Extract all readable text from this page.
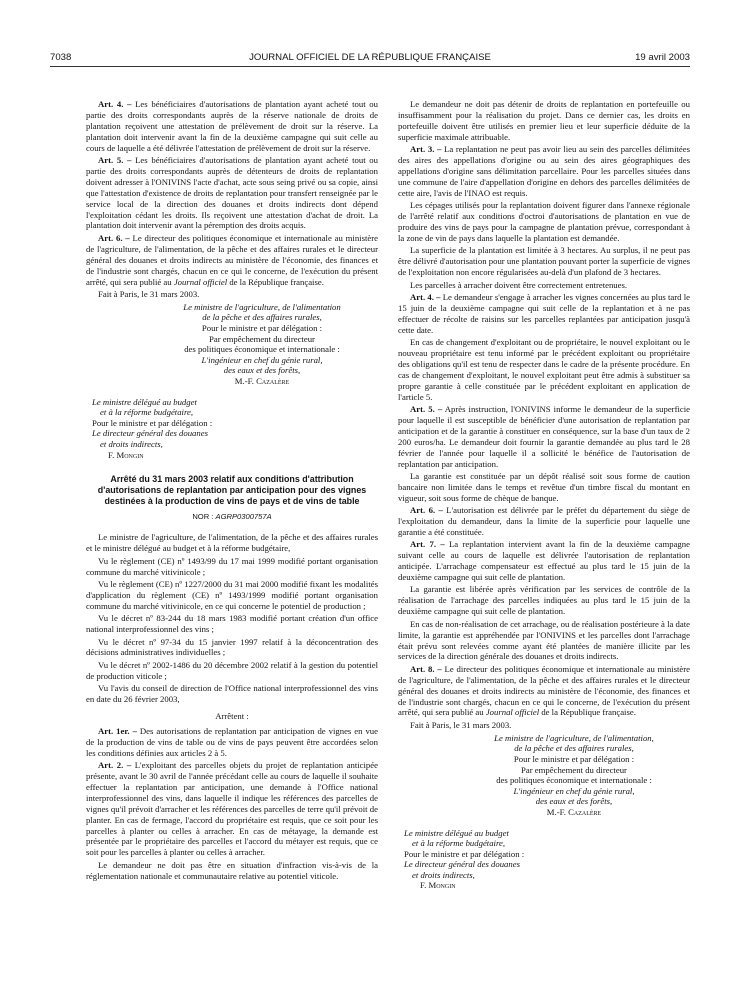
7038	JOURNAL OFFICIEL DE LA RÉPUBLIQUE FRANÇAISE	19 avril 2003

Art. 4. – Les bénéficiaires d'autorisations de plantation ayant acheté tout ou partie des droits correspondants auprès de la réserve nationale de droits de plantation reçoivent une attestation de prélèvement de droit sur la réserve. La plantation doit intervenir avant la fin de la deuxième campagne qui suit celle au cours de laquelle a été délivrée l'attestation de prélèvement de droit sur la réserve.

Art. 5. – Les bénéficiaires d'autorisations de plantation ayant acheté tout ou partie des droits correspondants auprès de détenteurs de droits de replantation doivent adresser à l'ONIVINS l'acte d'achat, acte sous seing privé ou sa copie, ainsi que l'attestation d'existence de droits de replantation pour transfert renseignée par le service local de la direction des douanes et droits indirects dont dépend l'exploitation cédant les droits. Ils reçoivent une attestation d'achat de droit. La plantation doit intervenir avant la péremption des droits acquis.

Art. 6. – Le directeur des politiques économique et internationale au ministère de l'agriculture, de l'alimentation, de la pêche et des affaires rurales et le directeur général des douanes et droits indirects au ministère de l'économie, des finances et de l'industrie sont chargés, chacun en ce qui le concerne, de l'exécution du présent arrêté, qui sera publié au Journal officiel de la République française.

Fait à Paris, le 31 mars 2003.

Le ministre de l'agriculture, de l'alimentation
de la pêche et des affaires rurales,
Pour le ministre et par délégation :
Par empêchement du directeur
des politiques économique et internationale :
L'ingénieur en chef du génie rural,
des eaux et des forêts,
M.-F. Cazalère
Le ministre délégué au budget
et à la réforme budgétaire,
Pour le ministre et par délégation :
Le directeur général des douanes
et droits indirects,
F. Mongin
Arrêté du 31 mars 2003 relatif aux conditions d'attribution d'autorisations de replantation par anticipation pour des vignes destinées à la production de vins de pays et de vins de table
NOR : AGRP0300757A

Le ministre de l'agriculture, de l'alimentation, de la pêche et des affaires rurales et le ministre délégué au budget et à la réforme budgétaire,

Vu le règlement (CE) nº 1493/99 du 17 mai 1999 modifié portant organisation commune du marché vitivinicole ;

Vu le règlement (CE) nº 1227/2000 du 31 mai 2000 modifié fixant les modalités d'application du règlement (CE) nº 1493/1999 modifié portant organisation commune du marché vitivinicole, en ce qui concerne le potentiel de production ;

Vu le décret nº 83-244 du 18 mars 1983 modifié portant création d'un office national interprofessionnel des vins ;

Vu le décret nº 97-34 du 15 janvier 1997 relatif à la déconcentration des décisions administratives individuelles ;

Vu le décret nº 2002-1486 du 20 décembre 2002 relatif à la gestion du potentiel de production viticole ;

Vu l'avis du conseil de direction de l'Office national interprofessionnel des vins en date du 26 février 2003,

Arrêtent :

Art. 1er. – Des autorisations de replantation par anticipation de vignes en vue de la production de vins de table ou de vins de pays peuvent être accordées selon les conditions définies aux articles 2 à 5.

Art. 2. – L'exploitant des parcelles objets du projet de replantation anticipée présente, avant le 30 avril de l'année précédant celle au cours de laquelle il souhaite effectuer la replantation par anticipation, une demande à l'Office national interprofessionnel des vins, dans laquelle il indique les références des parcelles de vignes qu'il prévoit d'arracher et les références des parcelles de terre qu'il prévoit de planter. En cas de fermage, l'accord du propriétaire est requis, que ce soit pour les parcelles à planter ou celles à arracher. En cas de métayage, la demande est présentée par le propriétaire des parcelles et l'accord du métayer est requis, que ce soit pour les parcelles à planter ou celles à arracher.

Le demandeur ne doit pas être en situation d'infraction vis-à-vis de la réglementation nationale et communautaire relative au potentiel viticole.

Le demandeur ne doit pas détenir de droits de replantation en portefeuille ou insuffisamment pour la réalisation du projet. Dans ce dernier cas, les droits en portefeuille doivent être utilisés en premier lieu et leur superficie déduite de la superficie maximale attribuable.

Art. 3. – La replantation ne peut pas avoir lieu au sein des parcelles délimitées des aires des appellations d'origine ou au sein des aires géographiques des appellations d'origine sans délimitation parcellaire. Pour les parcelles situées dans une commune de l'aire d'appellation d'origine en dehors des parcelles délimitées de cette aire, l'avis de l'INAO est requis.

Les cépages utilisés pour la replantation doivent figurer dans l'annexe régionale de l'arrêté relatif aux conditions d'octroi d'autorisations de plantation en vue de produire des vins de pays pour la campagne de plantation prévue, correspondant à la zone de vin de pays dans laquelle la plantation est demandée.

La superficie de la plantation est limitée à 3 hectares. Au surplus, il ne peut pas être délivré d'autorisation pour une plantation pouvant porter la superficie de vignes de l'exploitation non encore régularisées au-delà d'un plafond de 3 hectares.

Les parcelles à arracher doivent être correctement entretenues.

Art. 4. – Le demandeur s'engage à arracher les vignes concernées au plus tard le 15 juin de la deuxième campagne qui suit celle de la replantation et à ne pas effectuer de récolte de raisins sur les parcelles replantées par anticipation jusqu'à cette date.

En cas de changement d'exploitant ou de propriétaire, le nouvel exploitant ou le nouveau propriétaire est tenu informé par le précédent exploitant ou propriétaire des obligations qu'il est tenu de respecter dans le cadre de la présente procédure. En cas de changement d'exploitant, le nouvel exploitant peut être admis à substituer sa propre garantie à celle constituée par le précédent exploitant en application de l'article 5.

Art. 5. – Après instruction, l'ONIVINS informe le demandeur de la superficie pour laquelle il est susceptible de bénéficier d'une autorisation de replantation par anticipation et de la garantie à constituer en conséquence, sur la base d'un taux de 2 200 euros/ha. Le demandeur doit fournir la garantie demandée au plus tard le 28 février de l'année pour laquelle il a sollicité le bénéfice de l'autorisation de replantation par anticipation.

La garantie est constituée par un dépôt réalisé soit sous forme de caution bancaire non limitée dans le temps et revêtue d'un timbre fiscal du montant en vigueur, soit sous forme de chèque de banque.

Art. 6. – L'autorisation est délivrée par le préfet du département du siège de l'exploitation du demandeur, dans la limite de la superficie pour laquelle une garantie a été constituée.

Art. 7. – La replantation intervient avant la fin de la deuxième campagne suivant celle au cours de laquelle est délivrée l'autorisation de replantation anticipée. L'arrachage compensateur est effectué au plus tard le 15 juin de la deuxième campagne qui suit celle de plantation.

La garantie est libérée après vérification par les services de contrôle de la réalisation de l'arrachage des parcelles indiquées au plus tard le 15 juin de la deuxième campagne qui suit celle de plantation.

En cas de non-réalisation de cet arrachage, ou de réalisation postérieure à la date limite, la garantie est appréhendée par l'ONIVINS et les parcelles dont l'arrachage était prévu sont relevées comme ayant été plantées de manière illicite par les services de la direction générale des douanes et droits indirects.

Art. 8. – Le directeur des politiques économique et internationale au ministère de l'agriculture, de l'alimentation, de la pêche et des affaires rurales et le directeur général des douanes et droits indirects au ministère de l'économie, des finances et de l'industrie sont chargés, chacun en ce qui le concerne, de l'exécution du présent arrêté, qui sera publié au Journal officiel de la République française.

Fait à Paris, le 31 mars 2003.

Le ministre de l'agriculture, de l'alimentation,
de la pêche et des affaires rurales,
Pour le ministre et par délégation :
Par empêchement du directeur
des politiques économique et internationale :
L'ingénieur en chef du génie rural,
des eaux et des forêts,
M.-F. Cazalère
Le ministre délégué au budget
et à la réforme budgétaire,
Pour le ministre et par délégation :
Le directeur général des douanes
et droits indirects,
F. Mongin
